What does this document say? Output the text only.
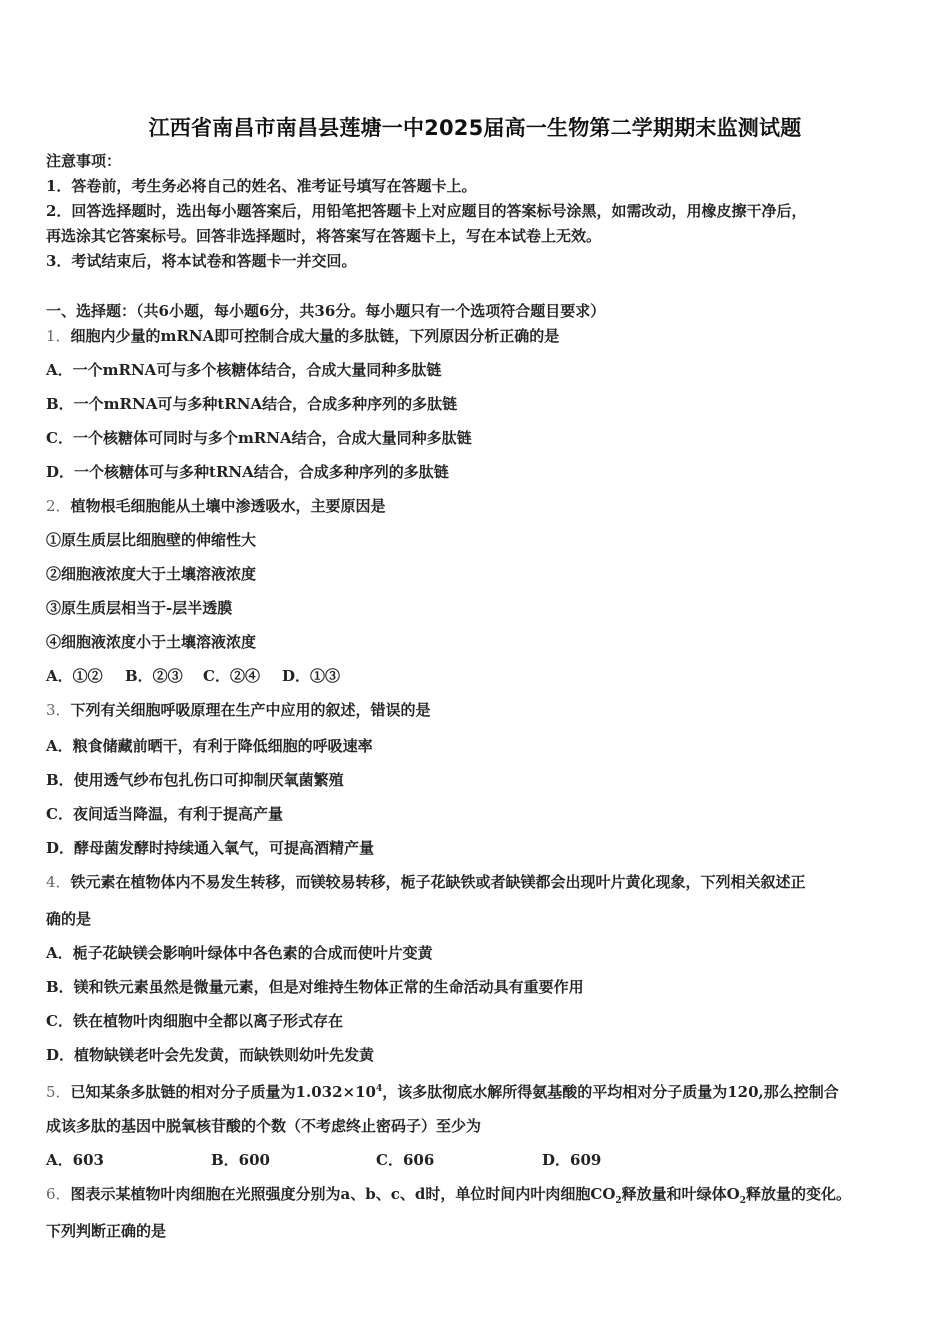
江西省南昌市南昌县莲塘一中2025届高一生物第二学期期末监测试题
注意事项：
1．答卷前，考生务必将自己的姓名、准考证号填写在答题卡上。
2．回答选择题时，选出每小题答案后，用铅笔把答题卡上对应题目的答案标号涂黑，如需改动，用橡皮擦干净后，
再选涂其它答案标号。回答非选择题时，将答案写在答题卡上，写在本试卷上无效。
3．考试结束后，将本试卷和答题卡一并交回。
一、选择题：（共6小题，每小题6分，共36分。每小题只有一个选项符合题目要求）
1．细胞内少量的mRNA即可控制合成大量的多肽链，下列原因分析正确的是
A．一个mRNA可与多个核糖体结合，合成大量同种多肽链
B．一个mRNA可与多种tRNA结合，合成多种序列的多肽链
C．一个核糖体可同时与多个mRNA结合，合成大量同种多肽链
D．一个核糖体可与多种tRNA结合，合成多种序列的多肽链
2．植物根毛细胞能从土壤中渗透吸水，主要原因是
①原生质层比细胞壁的伸缩性大
②细胞液浓度大于土壤溶液浓度
③原生质层相当于-层半透膜
④细胞液浓度小于土壤溶液浓度
A．①② B．②③ C．②④ D．①③
3．下列有关细胞呼吸原理在生产中应用的叙述，错误的是
A．粮食储藏前晒干，有利于降低细胞的呼吸速率
B．使用透气纱布包扎伤口可抑制厌氧菌繁殖
C．夜间适当降温，有利于提高产量
D．酵母菌发酵时持续通入氧气，可提高酒精产量
4．铁元素在植物体内不易发生转移，而镁较易转移，栀子花缺铁或者缺镁都会出现叶片黄化现象，下列相关叙述正
确的是
A．栀子花缺镁会影响叶绿体中各色素的合成而使叶片变黄
B．镁和铁元素虽然是微量元素，但是对维持生物体正常的生命活动具有重要作用
C．铁在植物叶肉细胞中全都以离子形式存在
D．植物缺镁老叶会先发黄，而缺铁则幼叶先发黄
5．已知某条多肽链的相对分子质量为$1.032\times 10^4$，该多肽彻底水解所得氨基酸的平均相对分子质量为120,那么控制合
成该多肽的基因中脱氧核苷酸的个数（不考虑终止密码子）至少为
A．603	B．600	C．606	D．609
6．图表示某植物叶肉细胞在光照强度分别为a、b、c、d时，单位时间内叶肉细胞$CO_2$释放量和叶绿体$O_2$释放量的变化。
下列判断正确的是
